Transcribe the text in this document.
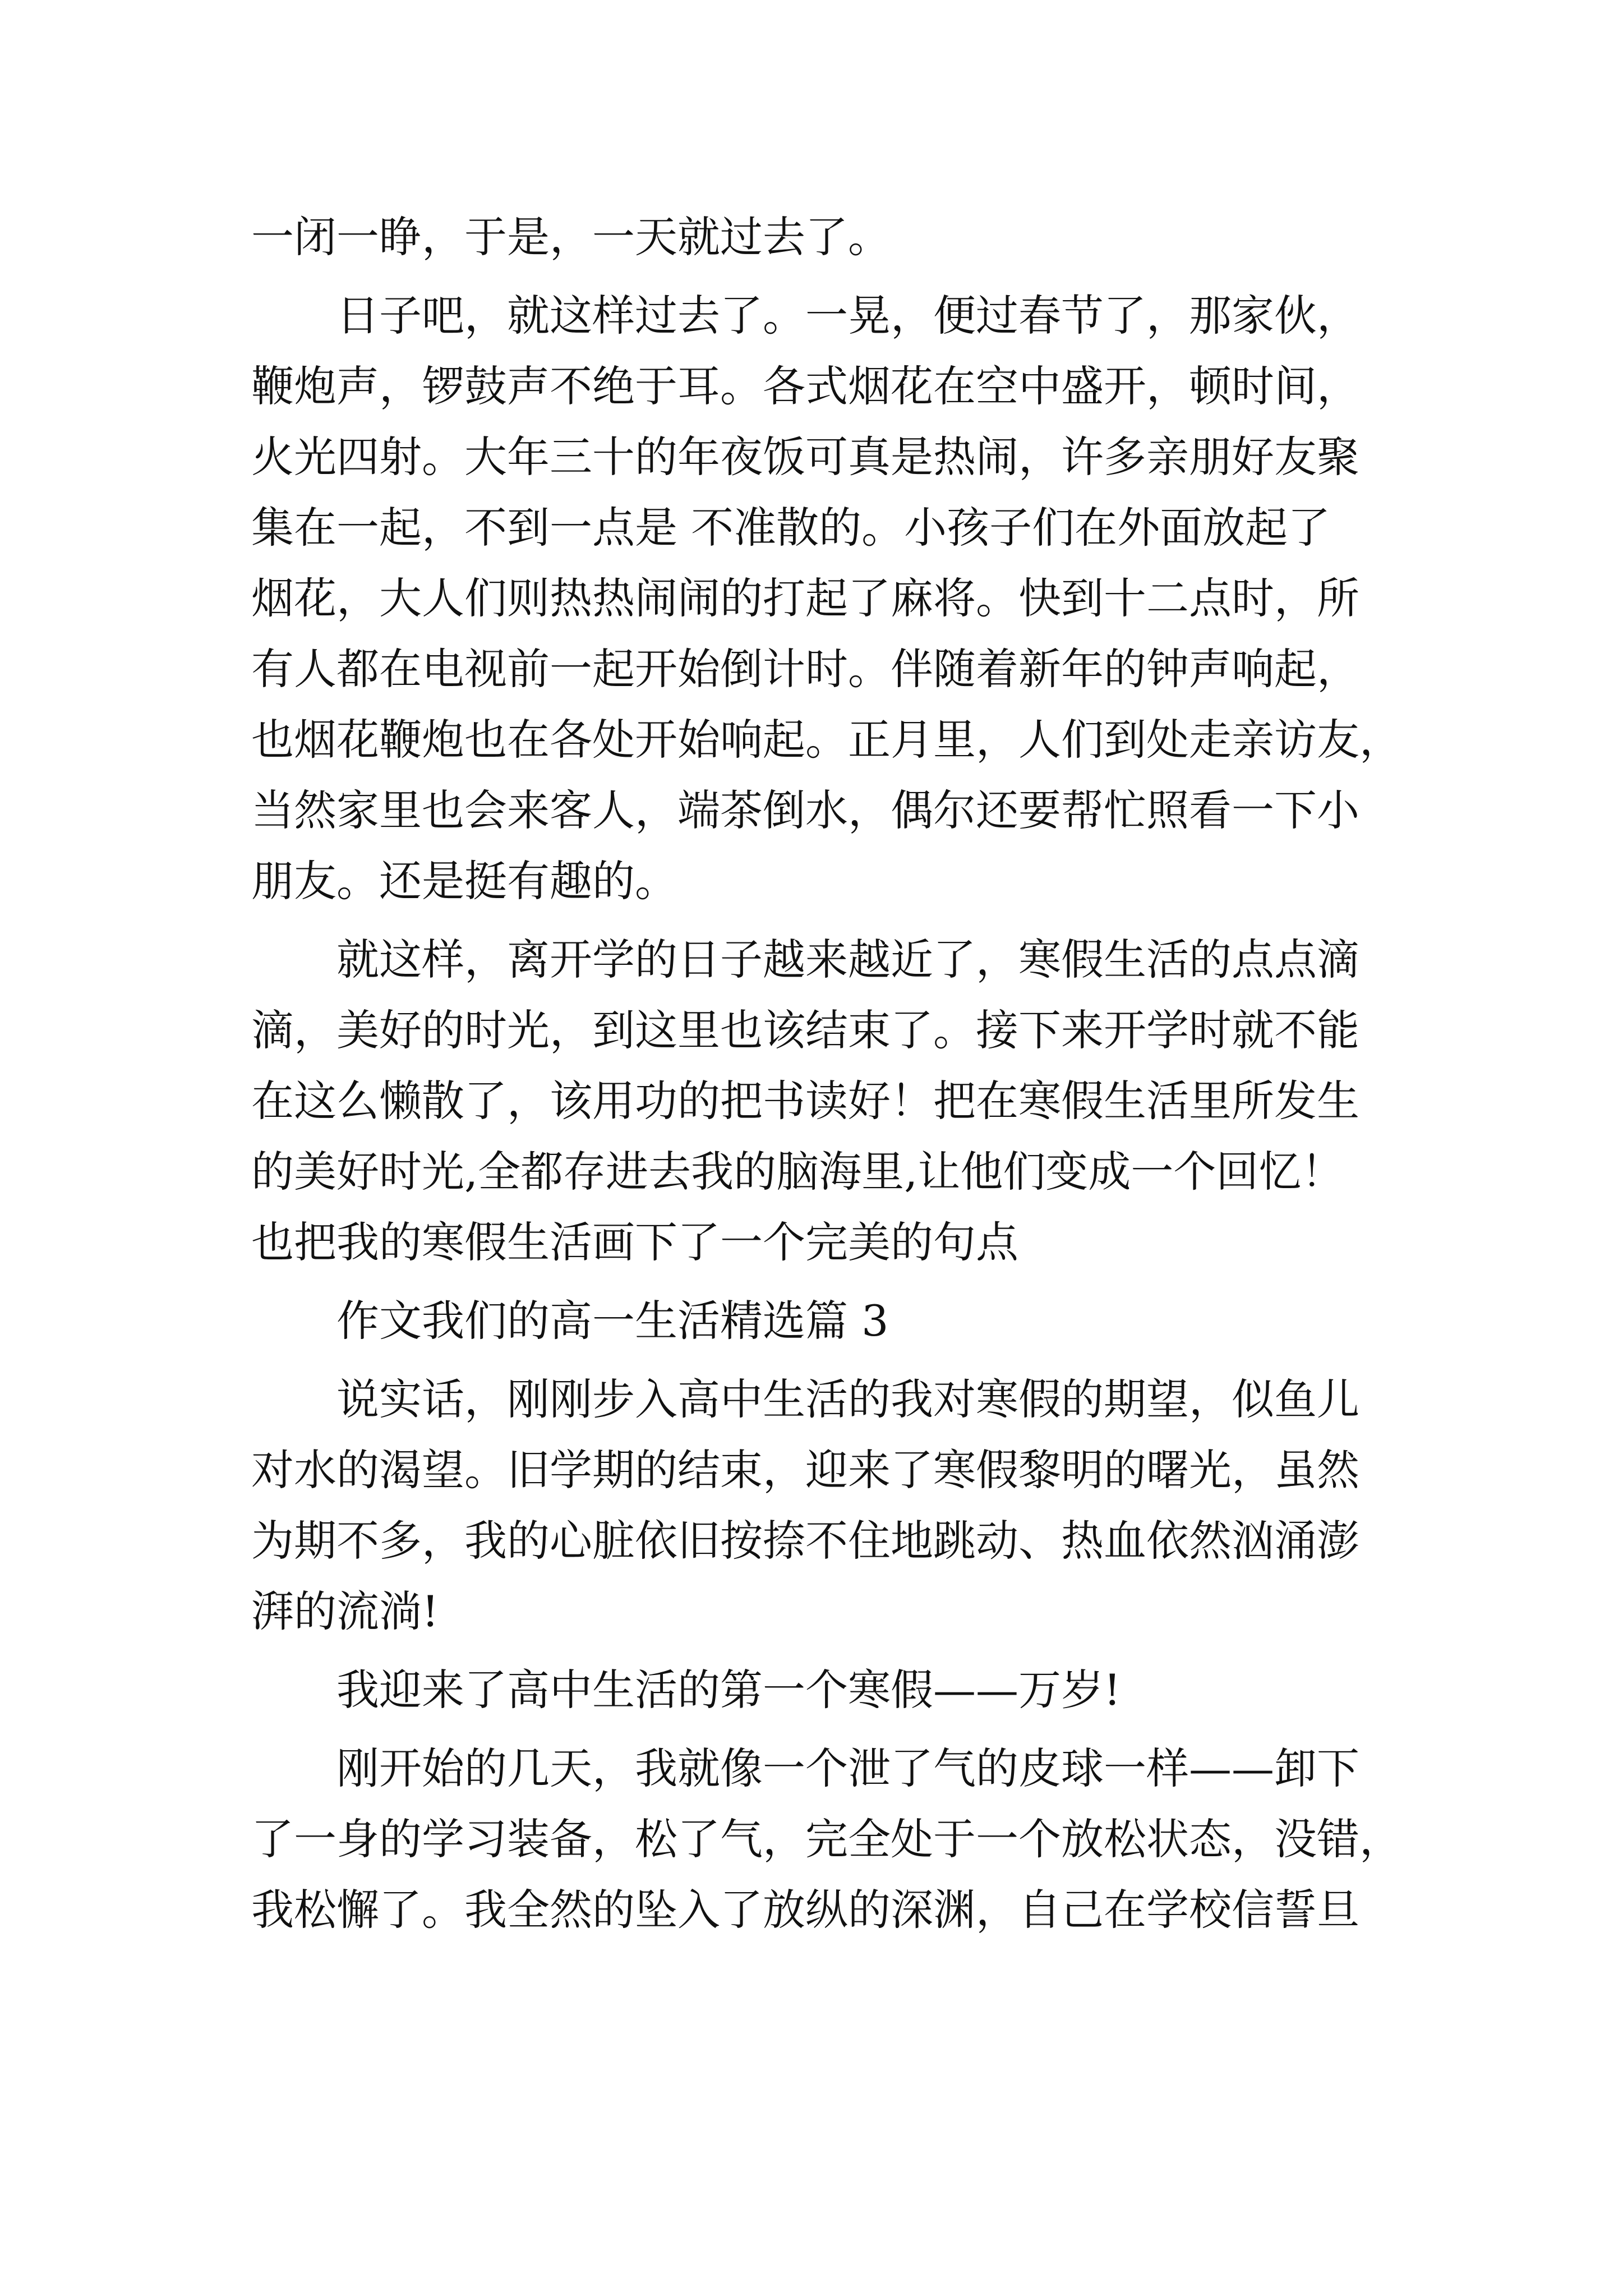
一闭一睁，于是，一天就过去了。
日子吧，就这样过去了。一晃，便过春节了，那家伙，
鞭炮声，锣鼓声不绝于耳。各式烟花在空中盛开，顿时间，
火光四射。大年三十的年夜饭可真是热闹，许多亲朋好友聚
集在一起，不到一点是 不准散的。小孩子们在外面放起了
烟花，大人们则热热闹闹的打起了麻将。快到十二点时，所
有人都在电视前一起开始倒计时。伴随着新年的钟声响起，
也烟花鞭炮也在各处开始响起。正月里，人们到处走亲访友，
当然家里也会来客人，端茶倒水，偶尔还要帮忙照看一下小
朋友。还是挺有趣的。
就这样，离开学的日子越来越近了，寒假生活的点点滴
滴，美好的时光，到这里也该结束了。接下来开学时就不能
在这么懒散了，该用功的把书读好！把在寒假生活里所发生
的美好时光,全都存进去我的脑海里,让他们变成一个回忆！
也把我的寒假生活画下了一个完美的句点
作文我们的高一生活精选篇 3
说实话，刚刚步入高中生活的我对寒假的期望，似鱼儿
对水的渴望。旧学期的结束，迎来了寒假黎明的曙光，虽然
为期不多，我的心脏依旧按捺不住地跳动、热血依然汹涌澎
湃的流淌!
我迎来了高中生活的第一个寒假——万岁!
刚开始的几天，我就像一个泄了气的皮球一样——卸下
了一身的学习装备，松了气，完全处于一个放松状态，没错，
我松懈了。我全然的坠入了放纵的深渊，自己在学校信誓旦
